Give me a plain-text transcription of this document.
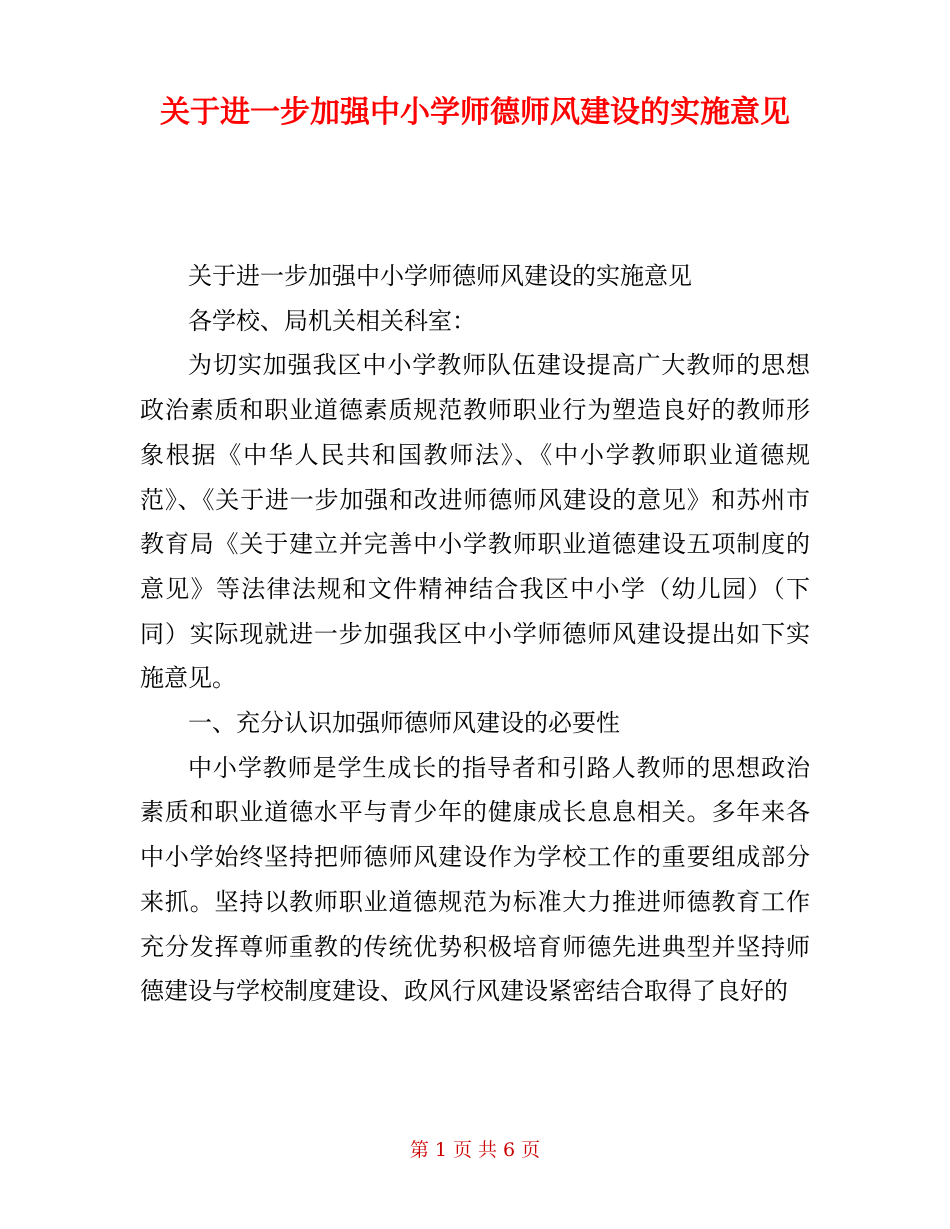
关于进一步加强中小学师德师风建设的实施意见

关于进一步加强中小学师德师风建设的实施意见

各学校、局机关相关科室：

为切实加强我区中小学教师队伍建设提高广大教师的思想政治素质和职业道德素质规范教师职业行为塑造良好的教师形象根据《中华人民共和国教师法》、《中小学教师职业道德规范》、《关于进一步加强和改进师德师风建设的意见》和苏州市教育局《关于建立并完善中小学教师职业道德建设五项制度的意见》等法律法规和文件精神结合我区中小学（幼儿园）（下同）实际现就进一步加强我区中小学师德师风建设提出如下实施意见。

一、充分认识加强师德师风建设的必要性

中小学教师是学生成长的指导者和引路人教师的思想政治素质和职业道德水平与青少年的健康成长息息相关。多年来各中小学始终坚持把师德师风建设作为学校工作的重要组成部分来抓。坚持以教师职业道德规范为标准大力推进师德教育工作充分发挥尊师重教的传统优势积极培育师德先进典型并坚持师德建设与学校制度建设、政风行风建设紧密结合取得了良好的

第 1 页 共 6 页
